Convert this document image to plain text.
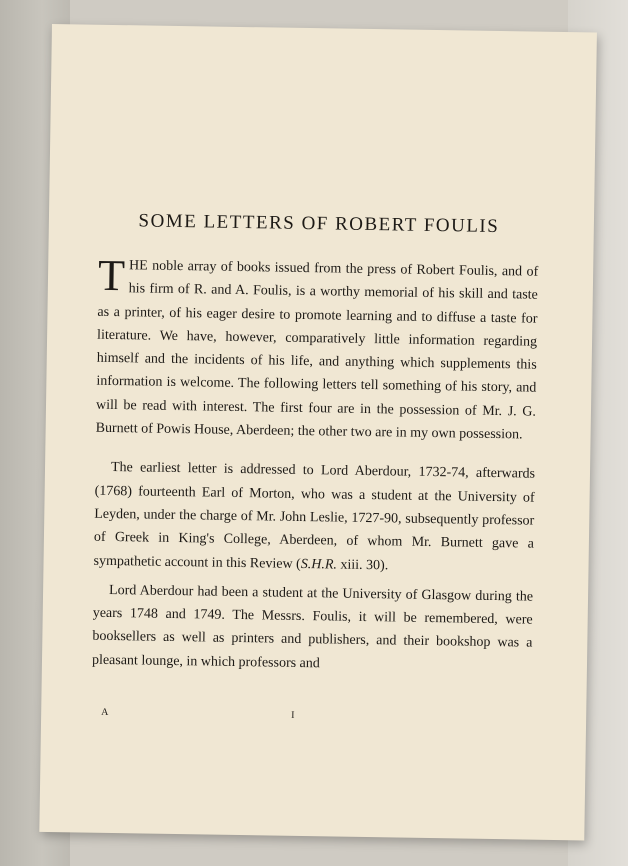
SOME LETTERS OF ROBERT FOULIS

THE noble array of books issued from the press of Robert Foulis, and of his firm of R. and A. Foulis, is a worthy memorial of his skill and taste as a printer, of his eager desire to promote learning and to diffuse a taste for literature. We have, however, comparatively little information regarding himself and the incidents of his life, and anything which supplements this information is welcome. The following letters tell something of his story, and will be read with interest. The first four are in the possession of Mr. J. G. Burnett of Powis House, Aberdeen; the other two are in my own possession.

The earliest letter is addressed to Lord Aberdour, 1732-74, afterwards (1768) fourteenth Earl of Morton, who was a student at the University of Leyden, under the charge of Mr. John Leslie, 1727-90, subsequently professor of Greek in King's College, Aberdeen, of whom Mr. Burnett gave a sympathetic account in this Review (S.H.R. xiii. 30).

Lord Aberdour had been a student at the University of Glasgow during the years 1748 and 1749. The Messrs. Foulis, it will be remembered, were booksellers as well as printers and publishers, and their bookshop was a pleasant lounge, in which professors and

A	I
